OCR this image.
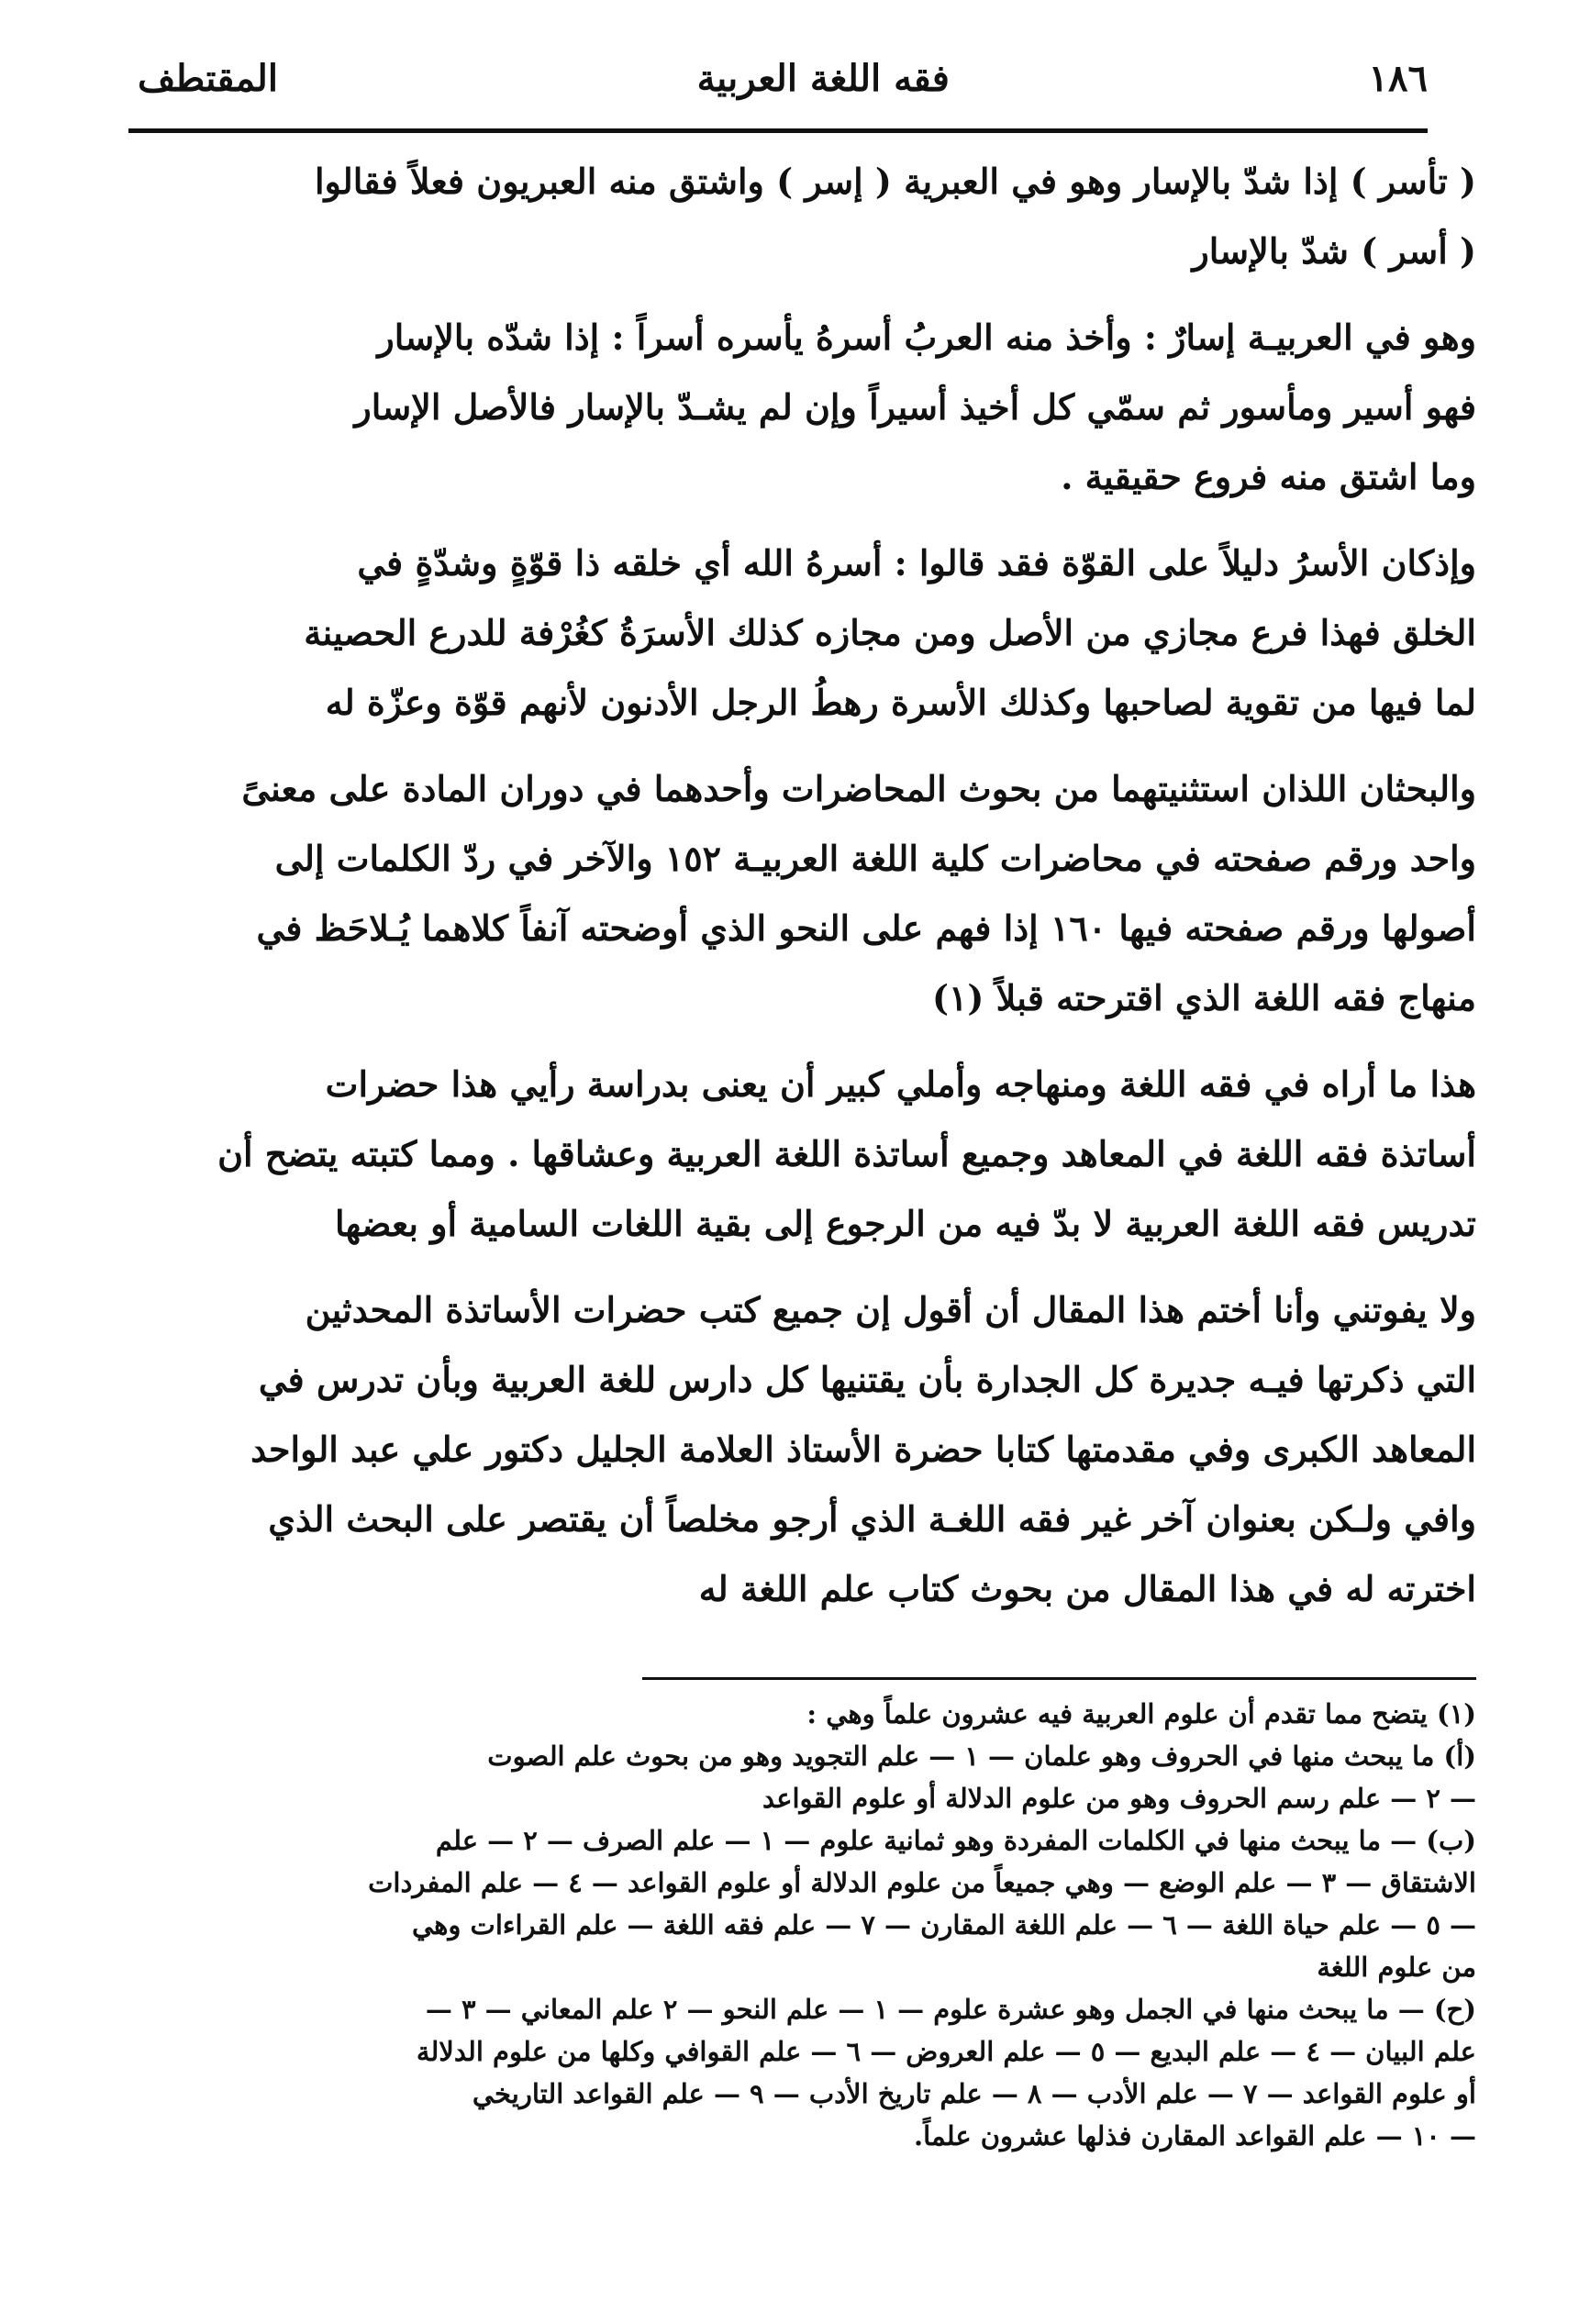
١٨٦
فقه اللغة العربية
المقتطف
( تأسر ) إذا شدّ بالإسار وهو في العبرية ( إسر ) واشتق منه العبريون فعلاً فقالوا
( أسر ) شدّ بالإسار
وهو في العربيـة إسارٌ : وأخذ منه العربُ أسرهُ يأسره أسراً : إذا شدّه بالإسار
فهو أسير ومأسور ثم سمّي كل أخيذ أسيراً وإن لم يشـدّ بالإسار فالأصل الإسار
وما اشتق منه فروع حقيقية .
وإذكان الأسرُ دليلاً على القوّة فقد قالوا : أسرهُ الله أي خلقه ذا قوّةٍ وشدّةٍ في
الخلق فهذا فرع مجازي من الأصل ومن مجازه كذلك الأسرَةُ كغُرْفة للدرع الحصينة
لما فيها من تقوية لصاحبها وكذلك الأسرة رهطُ الرجل الأدنون لأنهم قوّة وعزّة له
والبحثان اللذان استثنيتهما من بحوث المحاضرات وأحدهما في دوران المادة على معنىً
واحد ورقم صفحته في محاضرات كلية اللغة العربيـة ١٥٢ والآخر في ردّ الكلمات إلى
أصولها ورقم صفحته فيها ١٦٠ إذا فهم على النحو الذي أوضحته آنفاً كلاهما يُـلاحَظ في
منهاج فقه اللغة الذي اقترحته قبلاً (١)
هذا ما أراه في فقه اللغة ومنهاجه وأملي كبير أن يعنى بدراسة رأيي هذا حضرات
أساتذة فقه اللغة في المعاهد وجميع أساتذة اللغة العربية وعشاقها . ومما كتبته يتضح أن
تدريس فقه اللغة العربية لا بدّ فيه من الرجوع إلى بقية اللغات السامية أو بعضها
ولا يفوتني وأنا أختم هذا المقال أن أقول إن جميع كتب حضرات الأساتذة المحدثين
التي ذكرتها فيـه جديرة كل الجدارة بأن يقتنيها كل دارس للغة العربية وبأن تدرس في
المعاهد الكبرى وفي مقدمتها كتابا حضرة الأستاذ العلامة الجليل دكتور علي عبد الواحد
وافي ولـكن بعنوان آخر غير فقه اللغـة الذي أرجو مخلصاً أن يقتصر على البحث الذي
اخترته له في هذا المقال من بحوث كتاب علم اللغة له
(١) يتضح مما تقدم أن علوم العربية فيه عشرون علماً وهي :
(أ) ما يبحث منها في الحروف وهو علمان — ١ — علم التجويد وهو من بحوث علم الصوت
— ٢ — علم رسم الحروف وهو من علوم الدلالة أو علوم القواعد
(ب) — ما يبحث منها في الكلمات المفردة وهو ثمانية علوم — ١ — علم الصرف — ٢ — علم
الاشتقاق — ٣ — علم الوضع — وهي جميعاً من علوم الدلالة أو علوم القواعد — ٤ — علم المفردات
— ٥ — علم حياة اللغة — ٦ — علم اللغة المقارن — ٧ — علم فقه اللغة — علم القراءات وهي
من علوم اللغة
(ح) — ما يبحث منها في الجمل وهو عشرة علوم — ١ — علم النحو — ٢ علم المعاني — ٣ —
علم البيان — ٤ — علم البديع — ٥ — علم العروض — ٦ — علم القوافي وكلها من علوم الدلالة
أو علوم القواعد — ٧ — علم الأدب — ٨ — علم تاريخ الأدب — ٩ — علم القواعد التاريخي
— ١٠ — علم القواعد المقارن فذلها عشرون علماً.
